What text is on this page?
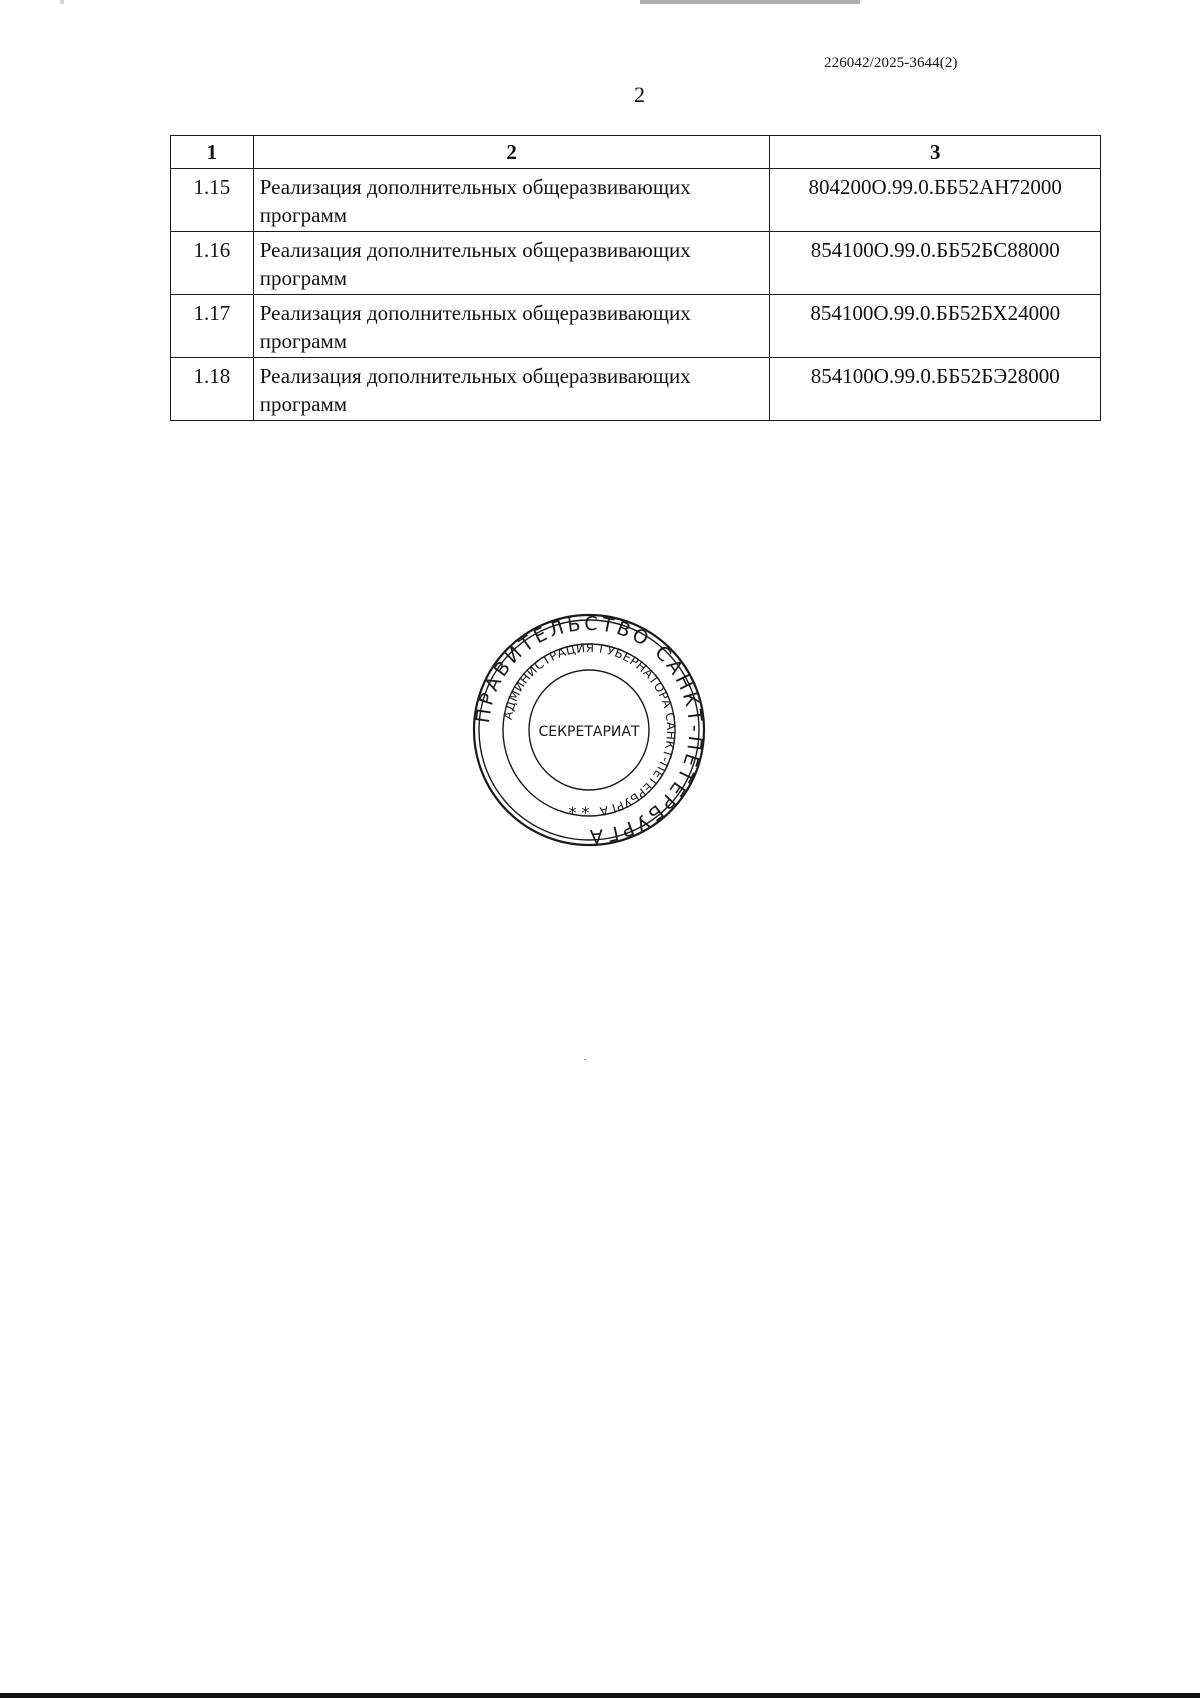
226042/2025-3644(2)
2
1	2	3
1.15	Реализация дополнительных общеразвивающих программ	804200О.99.0.ББ52АН72000
1.16	Реализация дополнительных общеразвивающих программ	854100О.99.0.ББ52БС88000
1.17	Реализация дополнительных общеразвивающих программ	854100О.99.0.ББ52БХ24000
1.18	Реализация дополнительных общеразвивающих программ	854100О.99.0.ББ52БЭ28000
ПРАВИТЕЛЬСТВО САНКТ-ПЕТЕРБУРГА
АДМИНИСТРАЦИЯ ГУБЕРНАТОРА САНКТ-ПЕТЕРБУРГА
* *
СЕКРЕТАРИАТ
